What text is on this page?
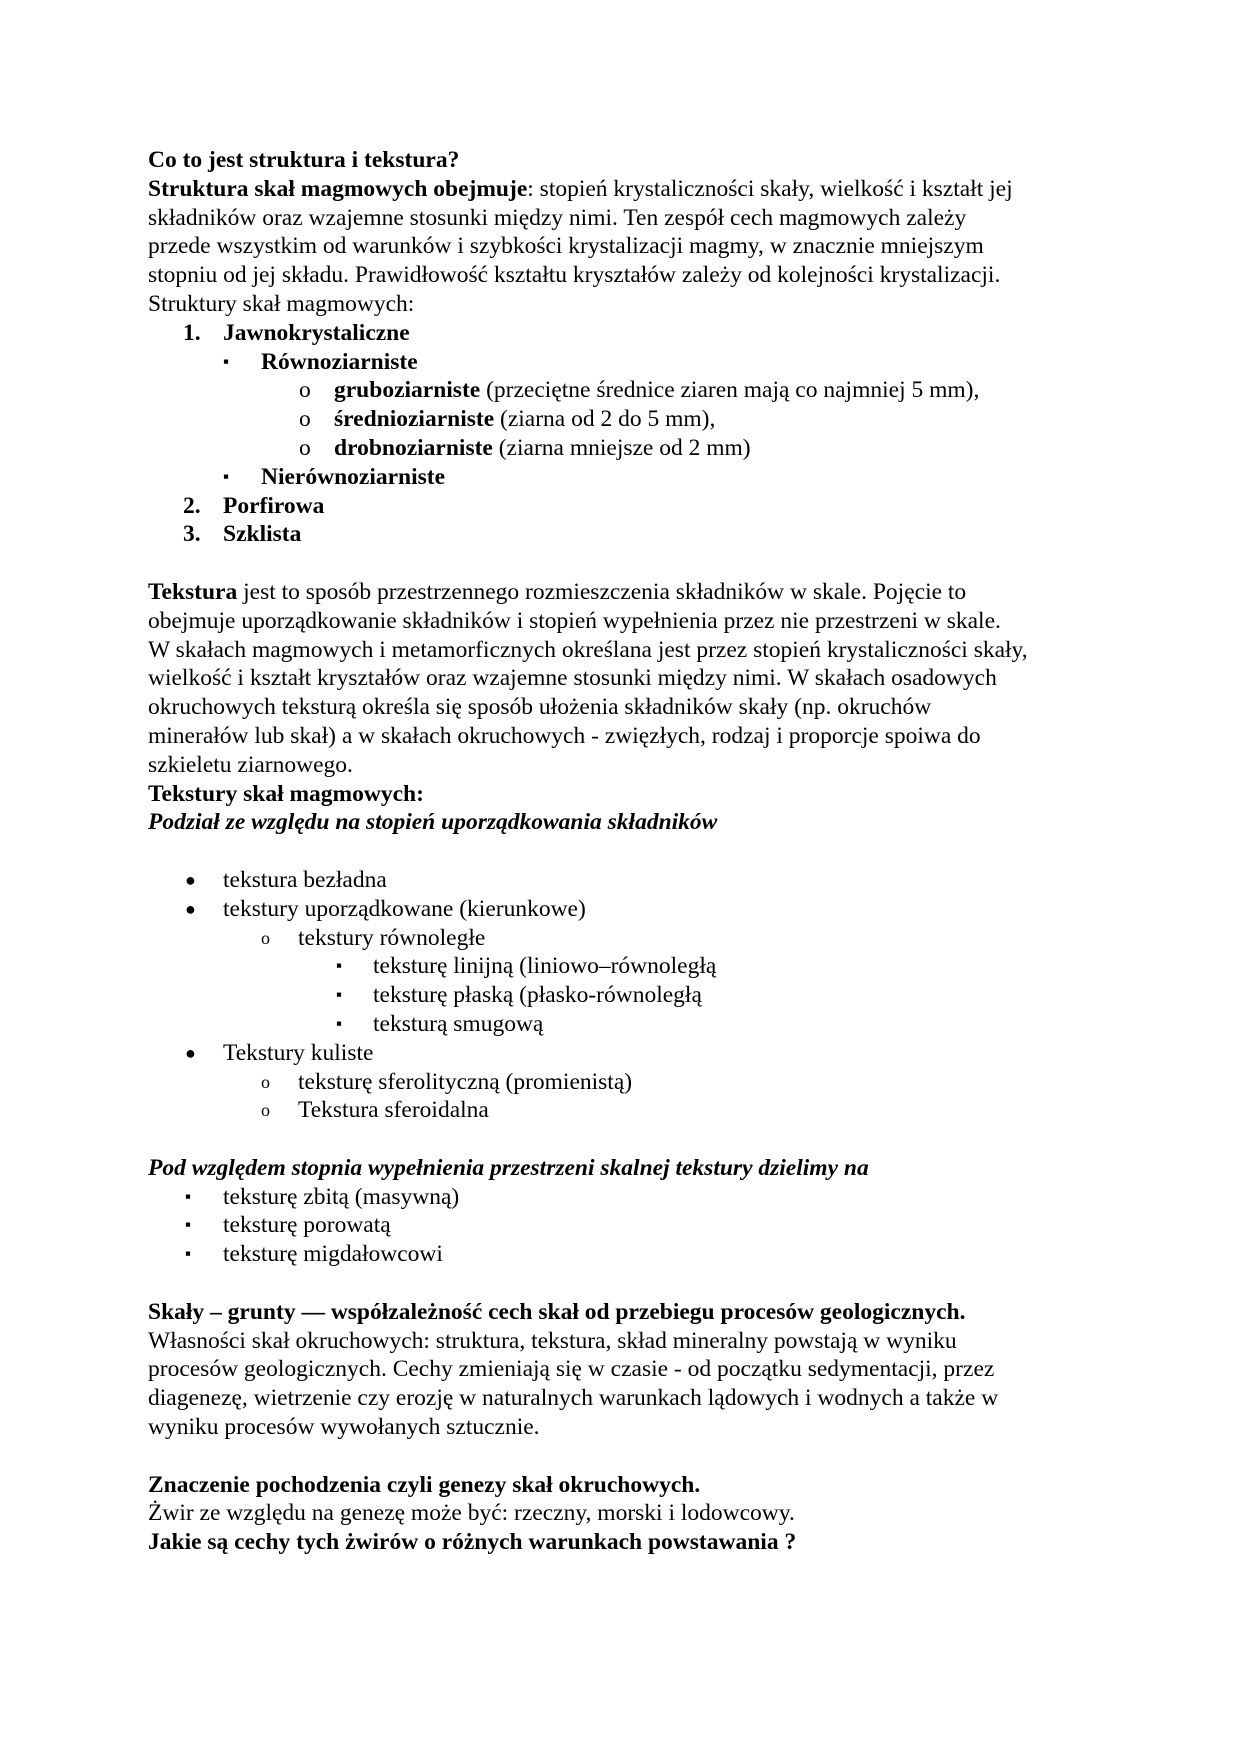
Co to jest struktura i tekstura?
Struktura skał magmowych obejmuje: stopień krystaliczności skały, wielkość i kształt jej
składników oraz wzajemne stosunki między nimi. Ten zespół cech magmowych zależy
przede wszystkim od warunków i szybkości krystalizacji magmy, w znacznie mniejszym
stopniu od jej składu. Prawidłowość kształtu kryształów zależy od kolejności krystalizacji.
Struktury skał magmowych:
1. Jawnokrystaliczne
▪ Równoziarniste
o gruboziarniste (przeciętne średnice ziaren mają co najmniej 5 mm),
o średnioziarniste (ziarna od 2 do 5 mm),
o drobnoziarniste (ziarna mniejsze od 2 mm)
▪ Nierównoziarniste
2. Porfirowa
3. Szklista
Tekstura jest to sposób przestrzennego rozmieszczenia składników w skale. Pojęcie to
obejmuje uporządkowanie składników i stopień wypełnienia przez nie przestrzeni w skale.
W skałach magmowych i metamorficznych określana jest przez stopień krystaliczności skały,
wielkość i kształt kryształów oraz wzajemne stosunki między nimi. W skałach osadowych
okruchowych teksturą określa się sposób ułożenia składników skały (np. okruchów
minerałów lub skał) a w skałach okruchowych - zwięzłych, rodzaj i proporcje spoiwa do
szkieletu ziarnowego.
Tekstury skał magmowych:
Podział ze względu na stopień uporządkowania składników
● tekstura bezładna
● tekstury uporządkowane (kierunkowe)
o tekstury równoległe
▪ teksturę linijną (liniowo–równoległą
▪ teksturę płaską (płasko-równoległą
▪ teksturą smugową
● Tekstury kuliste
o teksturę sferolityczną (promienistą)
o Tekstura sferoidalna
Pod względem stopnia wypełnienia przestrzeni skalnej tekstury dzielimy na
▪ teksturę zbitą (masywną)
▪ teksturę porowatą
▪ teksturę migdałowcowi
Skały – grunty — współzależność cech skał od przebiegu procesów geologicznych.
Własności skał okruchowych: struktura, tekstura, skład mineralny powstają w wyniku
procesów geologicznych. Cechy zmieniają się w czasie - od początku sedymentacji, przez
diagenezę, wietrzenie czy erozję w naturalnych warunkach lądowych i wodnych a także w
wyniku procesów wywołanych sztucznie.
Znaczenie pochodzenia czyli genezy skał okruchowych.
Żwir ze względu na genezę może być: rzeczny, morski i lodowcowy.
Jakie są cechy tych żwirów o różnych warunkach powstawania ?
